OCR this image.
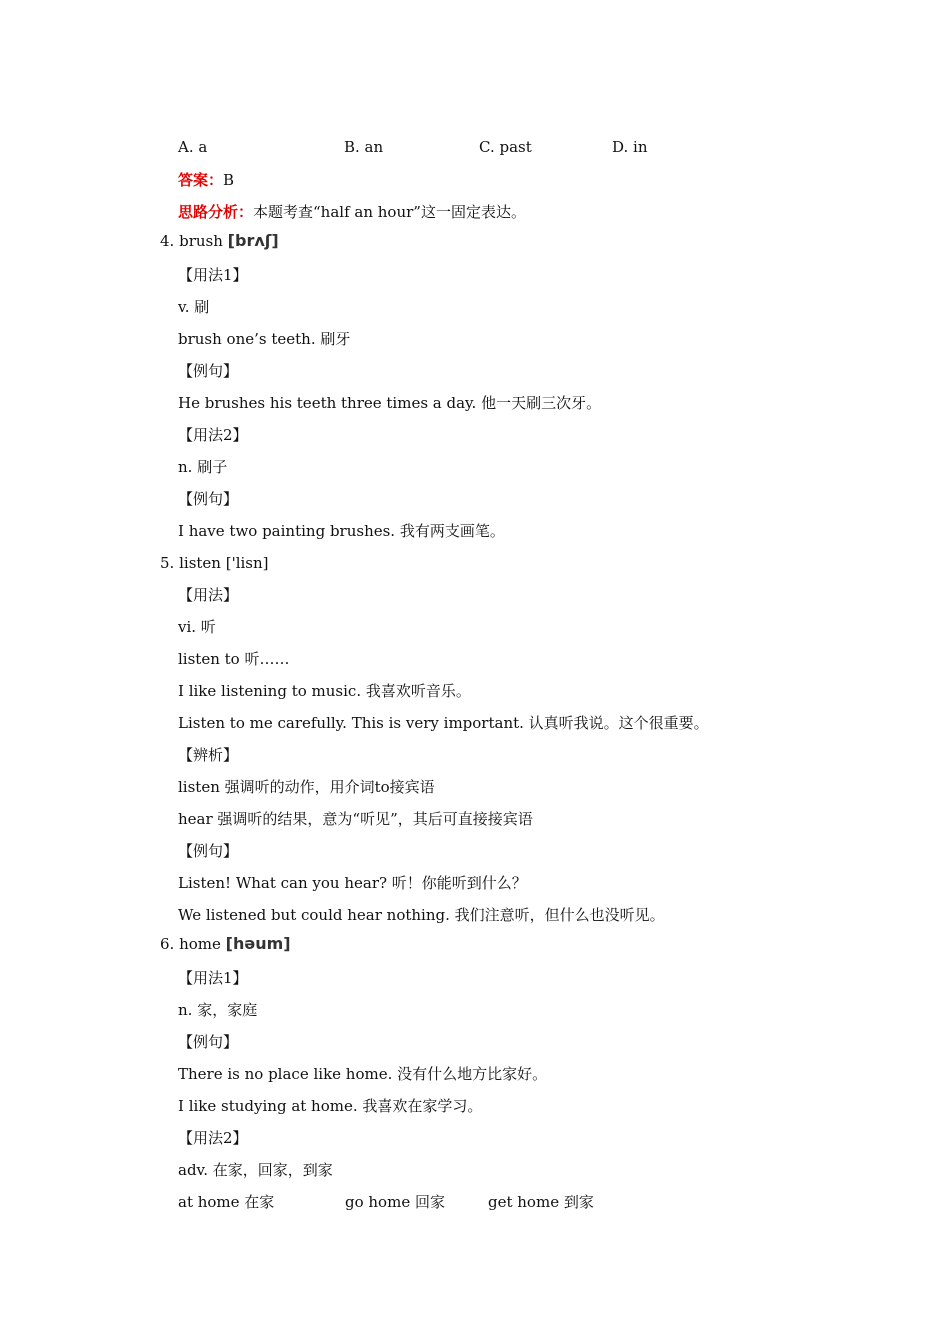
A. a	B. an	C. past	D. in
答案：B
思路分析：本题考查“half an hour”这一固定表达。
4. brush [brʌʃ]
【用法1】
v. 刷
brush one’s teeth. 刷牙
【例句】
He brushes his teeth three times a day. 他一天刷三次牙。
【用法2】
n. 刷子
【例句】
I have two painting brushes. 我有两支画笔。
5. listen ['lisn]
【用法】
vi. 听
listen to 听……
I like listening to music. 我喜欢听音乐。
Listen to me carefully. This is very important. 认真听我说。这个很重要。
【辨析】
listen 强调听的动作，用介词to接宾语
hear 强调听的结果，意为“听见”，其后可直接接宾语
【例句】
Listen! What can you hear? 听！你能听到什么？
We listened but could hear nothing. 我们注意听，但什么也没听见。
6. home [həum]
【用法1】
n. 家，家庭
【例句】
There is no place like home. 没有什么地方比家好。
I like studying at home. 我喜欢在家学习。
【用法2】
adv. 在家，回家，到家
at home 在家	go home 回家	get home 到家
